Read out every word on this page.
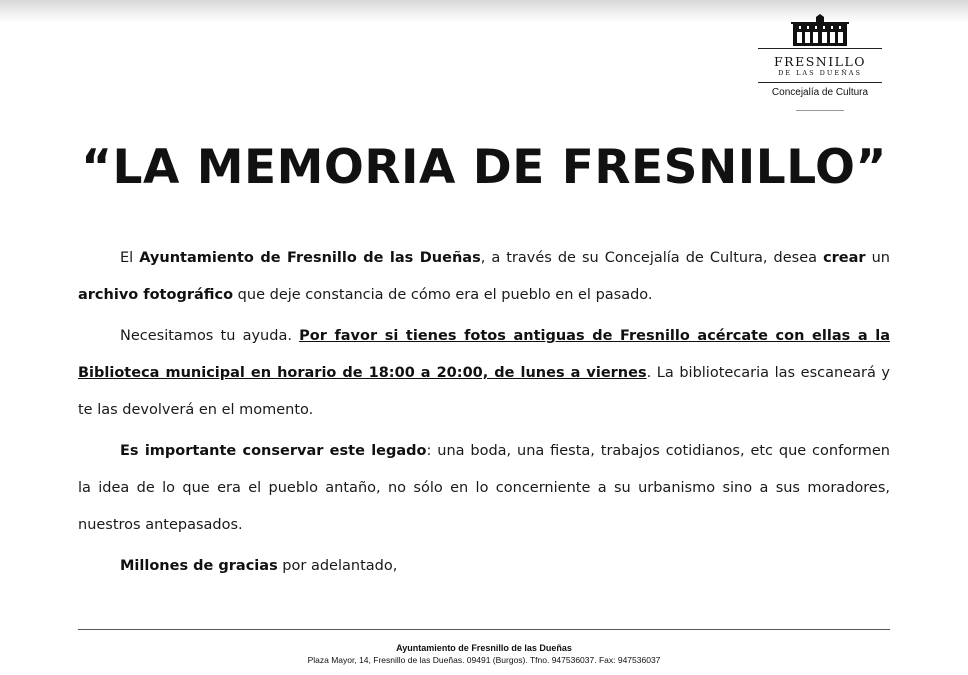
FRESNILLO
DE LAS DUEÑAS
Concejalía de Cultura
“LA MEMORIA DE FRESNILLO”

El Ayuntamiento de Fresnillo de las Dueñas, a través de su Concejalía de Cultura, desea crear un archivo fotográfico que deje constancia de cómo era el pueblo en el pasado.

Necesitamos tu ayuda. Por favor si tienes fotos antiguas de Fresnillo acércate con ellas a la Biblioteca municipal en horario de 18:00 a 20:00, de lunes a viernes. La bibliotecaria las escaneará y te las devolverá en el momento.

Es importante conservar este legado: una boda, una fiesta, trabajos cotidianos, etc que conformen la idea de lo que era el pueblo antaño, no sólo en lo concerniente a su urbanismo sino a sus moradores, nuestros antepasados.

Millones de gracias por adelantado,

Ayuntamiento de Fresnillo de las Dueñas
Plaza Mayor, 14, Fresnillo de las Dueñas. 09491 (Burgos). Tfno. 947536037. Fax: 947536037
